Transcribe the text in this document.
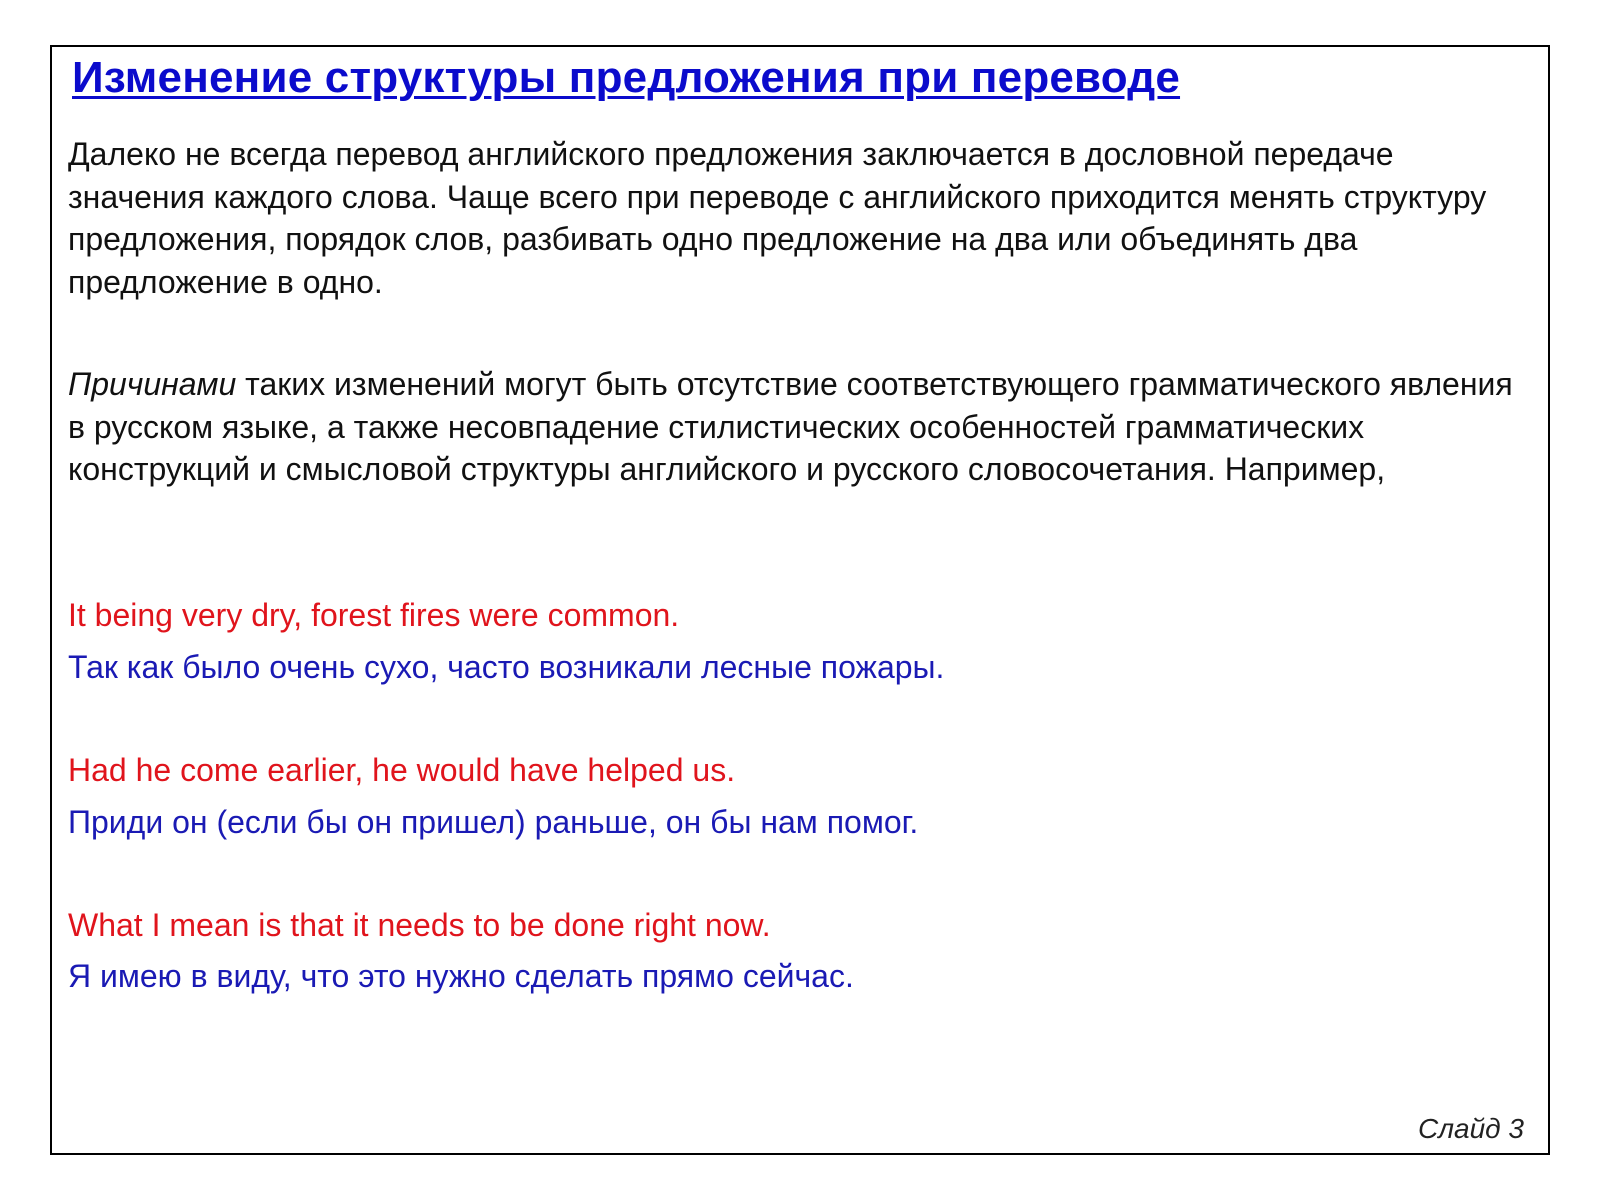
Изменение структуры предложения при переводе

Далеко не всегда перевод английского предложения заключается в дословной передаче значения каждого слова. Чаще всего при переводе с английского приходится менять структуру предложения, порядок слов, разбивать одно предложение на два или объединять два предложение в одно.

Причинами таких изменений могут быть отсутствие соответствующего грамматического явления в русском языке, а также несовпадение стилистических особенностей грамматических конструкций и смысловой структуры английского и русского словосочетания. Например,

It being very dry, forest fires were common.

Так как было очень сухо, часто возникали лесные пожары.

Had he come earlier, he would have helped us.

Приди он (если бы он пришел) раньше, он бы нам помог.

What I mean is that it needs to be done right now.

Я имею в виду, что это нужно сделать прямо сейчас.

Слайд 3
